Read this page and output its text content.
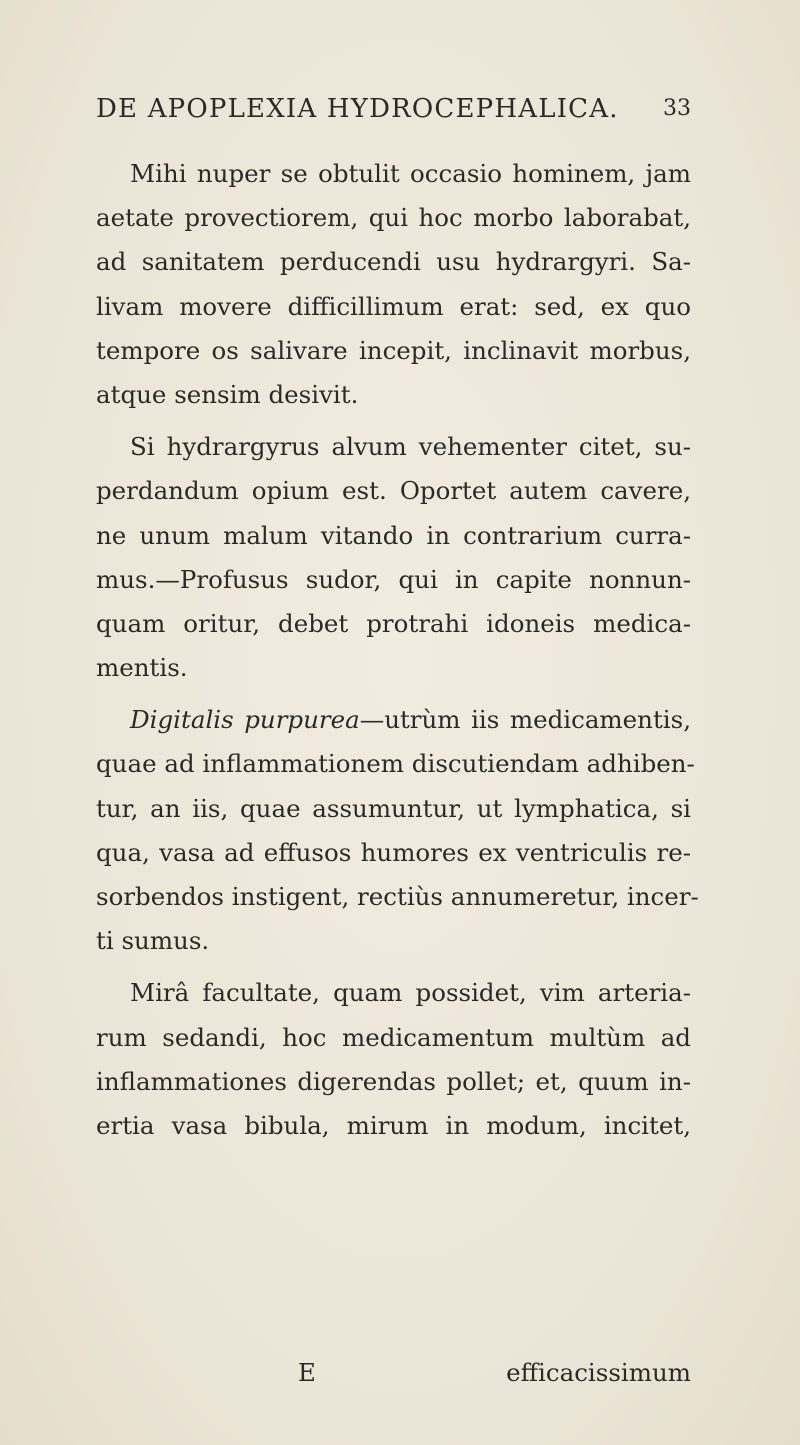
DE APOPLEXIA HYDROCEPHALICA. 33
Mihi nuper se obtulit occasio hominem, jam
aetate provectiorem, qui hoc morbo laborabat,
ad sanitatem perducendi usu hydrargyri. Sa-
livam movere difficillimum erat: sed, ex quo
tempore os salivare incepit, inclinavit morbus,
atque sensim desivit.
Si hydrargyrus alvum vehementer citet, su-
perdandum opium est. Oportet autem cavere,
ne unum malum vitando in contrarium curra-
mus.—Profusus sudor, qui in capite nonnun-
quam oritur, debet protrahi idoneis medica-
mentis.
Digitalis purpurea—utrùm iis medicamentis,
quae ad inflammationem discutiendam adhiben-
tur, an iis, quae assumuntur, ut lymphatica, si
qua, vasa ad effusos humores ex ventriculis re-
sorbendos instigent, rectiùs annumeretur, incer-
ti sumus.
Mirâ facultate, quam possidet, vim arteria-
rum sedandi, hoc medicamentum multùm ad
inflammationes digerendas pollet; et, quum in-
ertia vasa bibula, mirum in modum, incitet,
E	efficacissimum
